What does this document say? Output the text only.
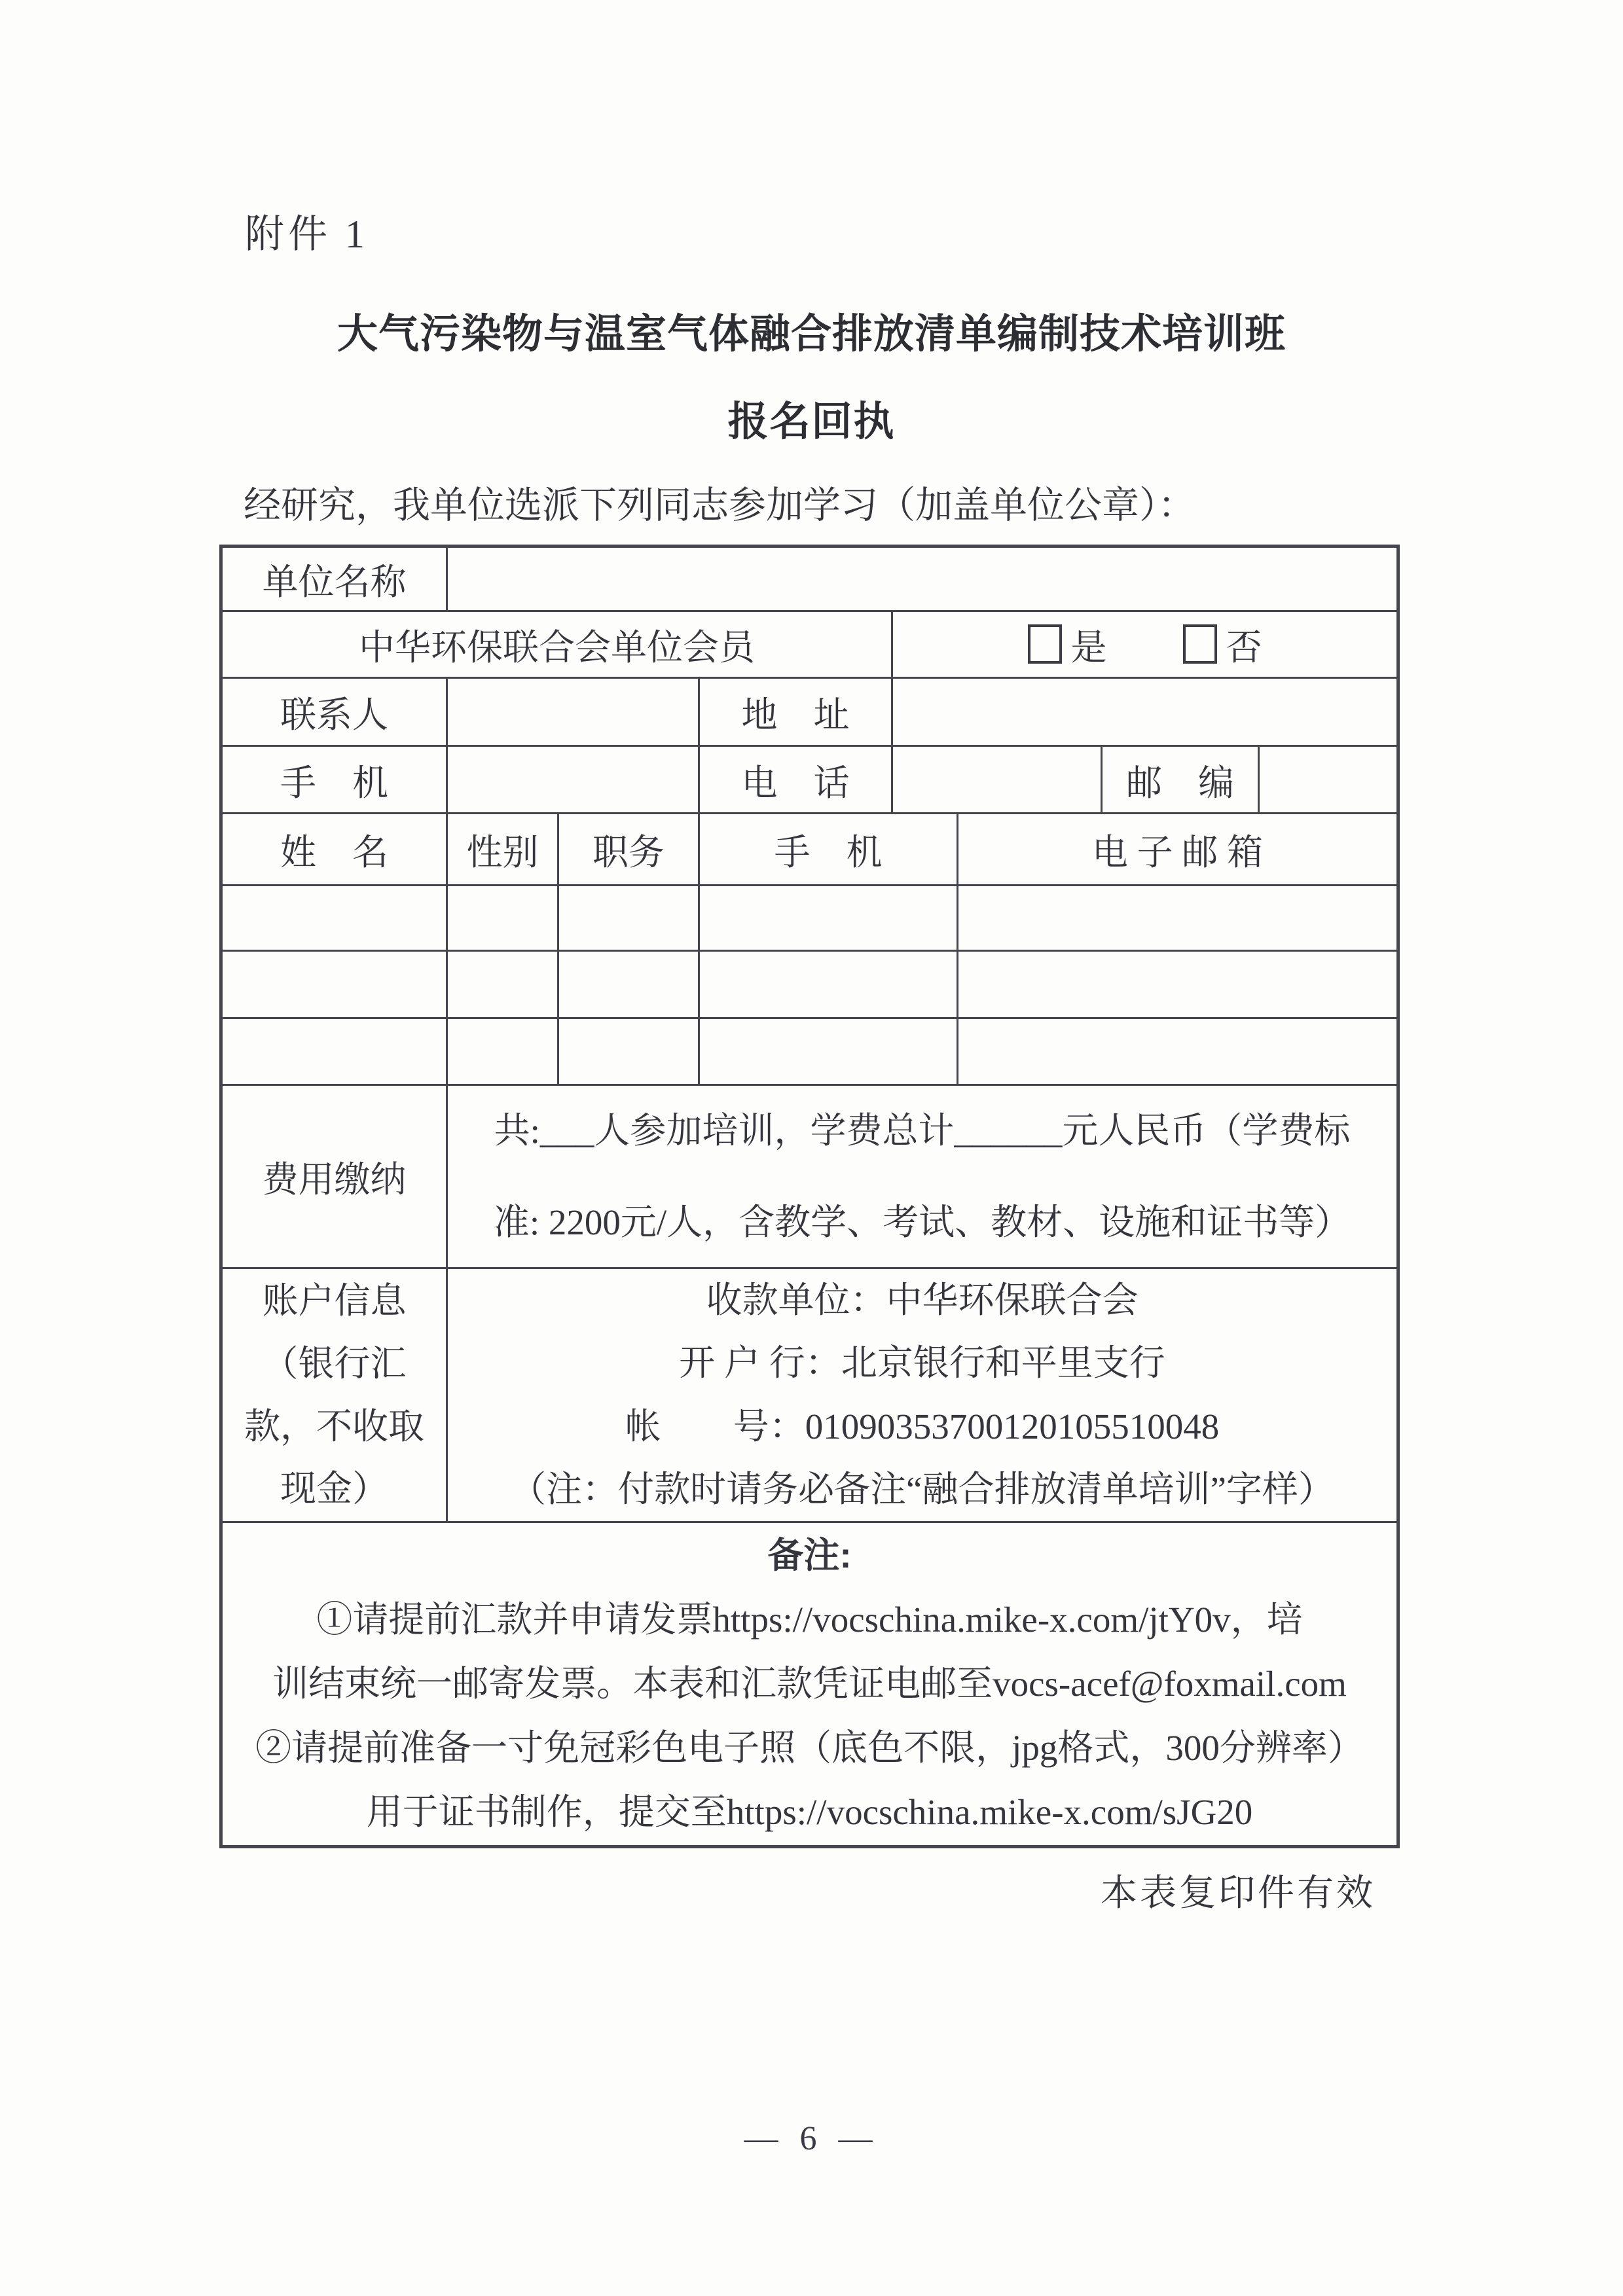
附件 1
大气污染物与温室气体融合排放清单编制技术培训班
报名回执
经研究，我单位选派下列同志参加学习（加盖单位公章）：
单位名称							
中华环保联合会单位会员				是 否			
联系人			地　址				
手　机			电　话			邮　编	
姓　名	性别	职务	手　机		电 子 邮 箱		

费用缴纳	共:___人参加培训，学费总计______元人民币（学费标
准: 2200元/人，含教学、考试、教材、设施和证书等）						

账户信息
（银行汇
款，不收取
现金）

收款单位：中华环保联合会
开 户 行：北京银行和平里支行
帐　　号：01090353700120105510048
（注：付款时请务必备注“融合排放清单培训”字样）

备注:
①请提前汇款并申请发票https://vocschina.mike-x.com/jtY0v，培
训结束统一邮寄发票。本表和汇款凭证电邮至vocs-acef@foxmail.com
②请提前准备一寸免冠彩色电子照（底色不限，jpg格式，300分辨率）
用于证书制作，提交至https://vocschina.mike-x.com/sJG20							
本表复印件有效
— 6 —
